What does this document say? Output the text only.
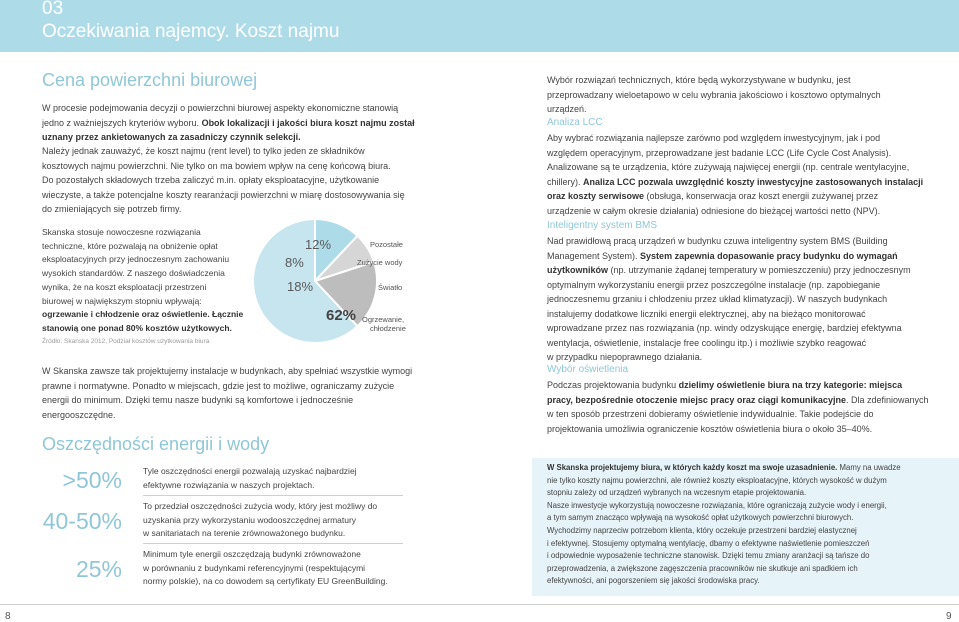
03
Oczekiwania najemcy. Koszt najmu
Cena powierzchni biurowej
W procesie podejmowania decyzji o powierzchni biurowej aspekty ekonomiczne stanowią
jedno z ważniejszych kryteriów wyboru. Obok lokalizacji i jakości biura koszt najmu został
uznany przez ankietowanych za zasadniczy czynnik selekcji.
Należy jednak zauważyć, że koszt najmu (rent level) to tylko jeden ze składników
kosztowych najmu powierzchni. Nie tylko on ma bowiem wpływ na cenę końcową biura.
Do pozostałych składowych trzeba zaliczyć m.in. opłaty eksploatacyjne, użytkowanie
wieczyste, a także potencjalne koszty rearanżacji powierzchni w miarę dostosowywania się
do zmieniających się potrzeb firmy.
Skanska stosuje nowoczesne rozwiązania
techniczne, które pozwalają na obniżenie opłat
eksploatacyjnych przy jednoczesnym zachowaniu
wysokich standardów. Z naszego doświadczenia
wynika, że na koszt eksploatacji przestrzeni
biurowej w największym stopniu wpływają:
ogrzewanie i chłodzenie oraz oświetlenie. Łącznie
stanowią one ponad 80% kosztów użytkowych.
Źródło: Skanska 2012, Podział kosztów użytkowania biura
12%
8%
18%
62%
Pozostałe
Zużycie wody
Światło
Ogrzewanie,
chłodzenie
W Skanska zawsze tak projektujemy instalacje w budynkach, aby spełniać wszystkie wymogi
prawne i normatywne. Ponadto w miejscach, gdzie jest to możliwe, ograniczamy zużycie
energii do minimum. Dzięki temu nasze budynki są komfortowe i jednocześnie
energooszczędne.
Oszczędności energii i wody
>50% Tyle oszczędności energii pozwalają uzyskać najbardziej
efektywne rozwiązania w naszych projektach.
40-50%
To przedział oszczędności zużycia wody, który jest możliwy do
uzyskania przy wykorzystaniu wodooszczędnej armatury
w sanitariatach na terenie zrównoważonego budynku.
25%
Minimum tyle energii oszczędzają budynki zrównoważone
w porównaniu z budynkami referencyjnymi (respektującymi
normy polskie), na co dowodem są certyfikaty EU GreenBuilding.
Wybór rozwiązań technicznych, które będą wykorzystywane w budynku, jest
przeprowadzany wieloetapowo w celu wybrania jakościowo i kosztowo optymalnych
urządzeń.
Analiza LCC
Aby wybrać rozwiązania najlepsze zarówno pod względem inwestycyjnym, jak i pod
względem operacyjnym, przeprowadzane jest badanie LCC (Life Cycle Cost Analysis).
Analizowane są te urządzenia, które zużywają najwięcej energii (np. centrale wentylacyjne,
chillery). Analiza LCC pozwala uwzględnić koszty inwestycyjne zastosowanych instalacji
oraz koszty serwisowe (obsługa, konserwacja oraz koszt energii zużywanej przez
urządzenie w całym okresie działania) odniesione do bieżącej wartości netto (NPV).
Inteligentny system BMS
Nad prawidłową pracą urządzeń w budynku czuwa inteligentny system BMS (Building
Management System). System zapewnia dopasowanie pracy budynku do wymagań
użytkowników (np. utrzymanie żądanej temperatury w pomieszczeniu) przy jednoczesnym
optymalnym wykorzystaniu energii przez poszczególne instalacje (np. zapobieganie
jednoczesnemu grzaniu i chłodzeniu przez układ klimatyzacji). W naszych budynkach
instalujemy dodatkowe liczniki energii elektrycznej, aby na bieżąco monitorować
wprowadzane przez nas rozwiązania (np. windy odzyskujące energię, bardziej efektywna
wentylacja, oświetlenie, instalacje free coolingu itp.) i możliwie szybko reagować
w przypadku niepoprawnego działania.
Wybór oświetlenia
Podczas projektowania budynku dzielimy oświetlenie biura na trzy kategorie: miejsca
pracy, bezpośrednie otoczenie miejsc pracy oraz ciągi komunikacyjne. Dla zdefiniowanych
w ten sposób przestrzeni dobieramy oświetlenie indywidualnie. Takie podejście do
projektowania umożliwia ograniczenie kosztów oświetlenia biura o około 35–40%.
W Skanska projektujemy biura, w których każdy koszt ma swoje uzasadnienie. Mamy na uwadze
nie tylko koszty najmu powierzchni, ale również koszty eksploatacyjne, których wysokość w dużym
stopniu zależy od urządzeń wybranych na wczesnym etapie projektowania.
Nasze inwestycje wykorzystują nowoczesne rozwiązania, które ograniczają zużycie wody i energii,
a tym samym znacząco wpływają na wysokość opłat użytkowych powierzchni biurowych.
Wychodzimy naprzeciw potrzebom klienta, który oczekuje przestrzeni bardziej elastycznej
i efektywnej. Stosujemy optymalną wentylację, dbamy o efektywne naświetlenie pomieszczeń
i odpowiednie wyposażenie techniczne stanowisk. Dzięki temu zmiany aranżacji są tańsze do
przeprowadzenia, a zwiększone zagęszczenia pracowników nie skutkuje ani spadkiem ich
efektywności, ani pogorszeniem się jakości środowiska pracy.
8	9
